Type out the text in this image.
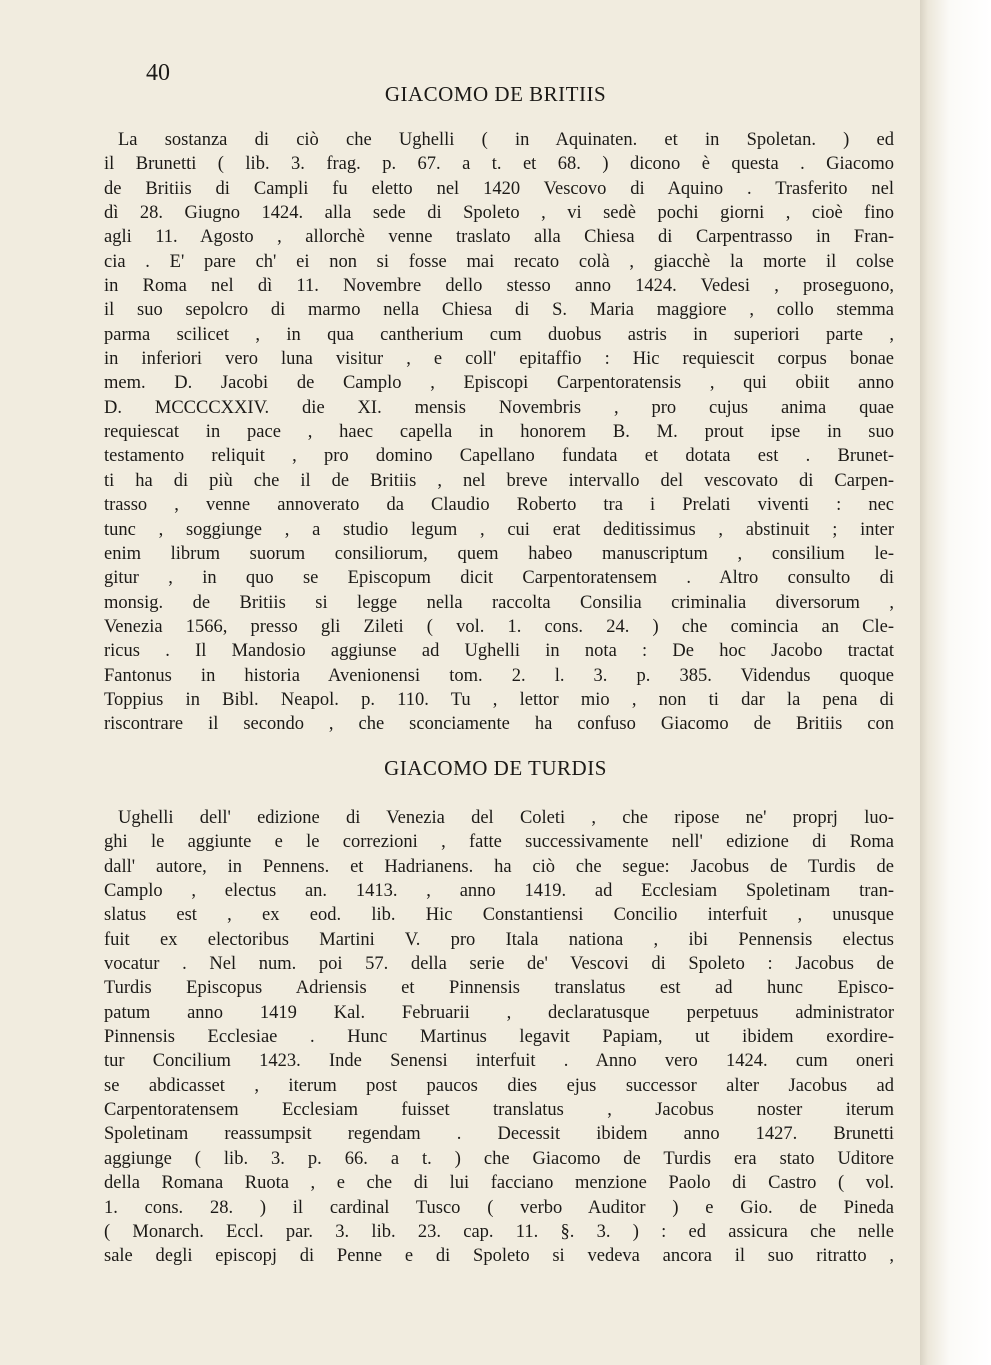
40
GIACOMO DE BRITIIS
La sostanza di ciò che Ughelli ( in Aquinaten. et in Spoletan. ) ed
il Brunetti ( lib. 3. frag. p. 67. a t. et 68. ) dicono è questa . Giacomo
de Britiis di Campli fu eletto nel 1420 Vescovo di Aquino . Trasferito nel
dì 28. Giugno 1424. alla sede di Spoleto , vi sedè pochi giorni , cioè fino
agli 11. Agosto , allorchè venne traslato alla Chiesa di Carpentrasso in Fran-
cia . E' pare ch' ei non si fosse mai recato colà , giacchè la morte il colse
in Roma nel dì 11. Novembre dello stesso anno 1424. Vedesi , proseguono,
il suo sepolcro di marmo nella Chiesa di S. Maria maggiore , collo stemma
parma scilicet , in qua cantherium cum duobus astris in superiori parte ,
in inferiori vero luna visitur , e coll' epitaffio : Hic requiescit corpus bonae
mem. D. Jacobi de Camplo , Episcopi Carpentoratensis , qui obiit anno
D. MCCCCXXIV. die XI. mensis Novembris , pro cujus anima quae
requiescat in pace , haec capella in honorem B. M. prout ipse in suo
testamento reliquit , pro domino Capellano fundata et dotata est . Brunet-
ti ha di più che il de Britiis , nel breve intervallo del vescovato di Carpen-
trasso , venne annoverato da Claudio Roberto tra i Prelati viventi : nec
tunc , soggiunge , a studio legum , cui erat deditissimus , abstinuit ; inter
enim librum suorum consiliorum, quem habeo manuscriptum , consilium le-
gitur , in quo se Episcopum dicit Carpentoratensem . Altro consulto di
monsig. de Britiis si legge nella raccolta Consilia criminalia diversorum ,
Venezia 1566, presso gli Zileti ( vol. 1. cons. 24. ) che comincia an Cle-
ricus . Il Mandosio aggiunse ad Ughelli in nota : De hoc Jacobo tractat
Fantonus in historia Avenionensi tom. 2. l. 3. p. 385. Videndus quoque
Toppius in Bibl. Neapol. p. 110. Tu , lettor mio , non ti dar la pena di
riscontrare il secondo , che sconciamente ha confuso Giacomo de Britiis con
GIACOMO DE TURDIS
Ughelli dell' edizione di Venezia del Coleti , che ripose ne' proprj luo-
ghi le aggiunte e le correzioni , fatte successivamente nell' edizione di Roma
dall' autore, in Pennens. et Hadrianens. ha ciò che segue: Jacobus de Turdis de
Camplo , electus an. 1413. , anno 1419. ad Ecclesiam Spoletinam tran-
slatus est , ex eod. lib. Hic Constantiensi Concilio interfuit , unusque
fuit ex electoribus Martini V. pro Itala nationa , ibi Pennensis electus
vocatur . Nel num. poi 57. della serie de' Vescovi di Spoleto : Jacobus de
Turdis Episcopus Adriensis et Pinnensis translatus est ad hunc Episco-
patum anno 1419 Kal. Februarii , declaratusque perpetuus administrator
Pinnensis Ecclesiae . Hunc Martinus legavit Papiam, ut ibidem exordire-
tur Concilium 1423. Inde Senensi interfuit . Anno vero 1424. cum oneri
se abdicasset , iterum post paucos dies ejus successor alter Jacobus ad
Carpentoratensem Ecclesiam fuisset translatus , Jacobus noster iterum
Spoletinam reassumpsit regendam . Decessit ibidem anno 1427. Brunetti
aggiunge ( lib. 3. p. 66. a t. ) che Giacomo de Turdis era stato Uditore
della Romana Ruota , e che di lui facciano menzione Paolo di Castro ( vol.
1. cons. 28. ) il cardinal Tusco ( verbo Auditor ) e Gio. de Pineda
( Monarch. Eccl. par. 3. lib. 23. cap. 11. §. 3. ) : ed assicura che nelle
sale degli episcopj di Penne e di Spoleto si vedeva ancora il suo ritratto ,
